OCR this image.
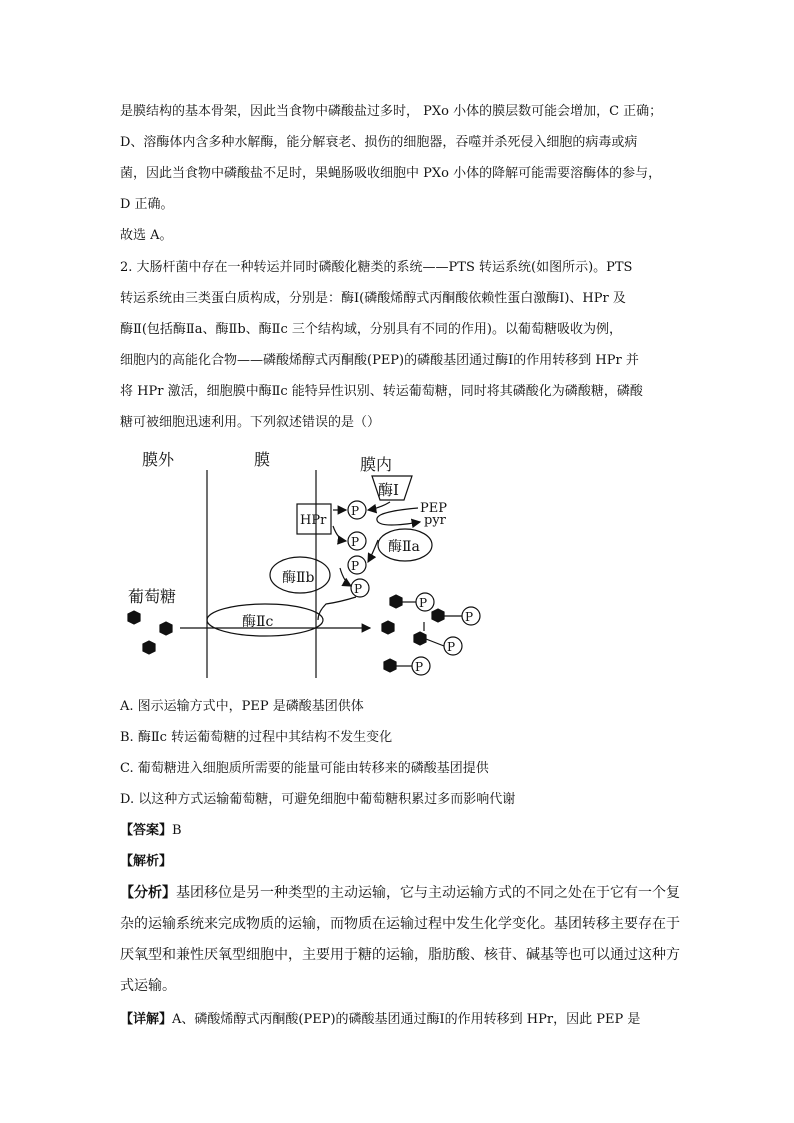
是膜结构的基本骨架，因此当食物中磷酸盐过多时， PXo 小体的膜层数可能会增加，C 正确；
D、溶酶体内含多种水解酶，能分解衰老、损伤的细胞器，吞噬并杀死侵入细胞的病毒或病
菌，因此当食物中磷酸盐不足时，果蝇肠吸收细胞中 PXo 小体的降解可能需要溶酶体的参与，
D 正确。
故选 A。
2. 大肠杆菌中存在一种转运并同时磷酸化糖类的系统——PTS 转运系统(如图所示)。PTS
转运系统由三类蛋白质构成，分别是：酶Ⅰ(磷酸烯醇式丙酮酸依赖性蛋白激酶Ⅰ)、HPr 及
酶Ⅱ(包括酶Ⅱa、酶Ⅱb、酶Ⅱc 三个结构域，分别具有不同的作用)。以葡萄糖吸收为例，
细胞内的高能化合物——磷酸烯醇式丙酮酸(PEP)的磷酸基团通过酶Ⅰ的作用转移到 HPr 并
将 HPr 激活，细胞膜中酶Ⅱc 能特异性识别、转运葡萄糖，同时将其磷酸化为磷酸糖，磷酸
糖可被细胞迅速利用。下列叙述错误的是（）
膜外	膜	膜内
酶Ⅰ
HPr
P
P
P
P
PEP
pyr
酶Ⅱa
酶Ⅱb
酶Ⅱc
葡萄糖	P
P
P
P
A. 图示运输方式中，PEP 是磷酸基团供体
B. 酶Ⅱc 转运葡萄糖的过程中其结构不发生变化
C. 葡萄糖进入细胞质所需要的能量可能由转移来的磷酸基团提供
D. 以这种方式运输葡萄糖，可避免细胞中葡萄糖积累过多而影响代谢
【答案】B
【解析】
【分析】基团移位是另一种类型的主动运输，它与主动运输方式的不同之处在于它有一个复
杂的运输系统来完成物质的运输，而物质在运输过程中发生化学变化。基团转移主要存在于
厌氧型和兼性厌氧型细胞中，主要用于糖的运输，脂肪酸、核苷、碱基等也可以通过这种方
式运输。
【详解】A、磷酸烯醇式丙酮酸(PEP)的磷酸基团通过酶Ⅰ的作用转移到 HPr，因此 PEP 是
